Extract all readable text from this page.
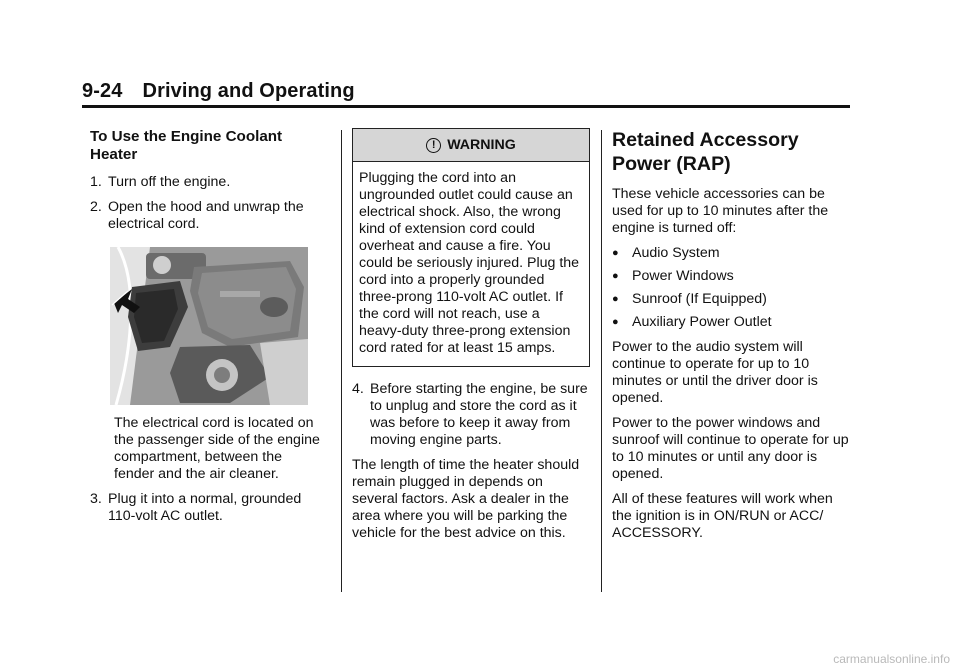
9-24 Driving and Operating
To Use the Engine Coolant Heater
1. Turn off the engine.
2. Open the hood and unwrap the electrical cord.
The electrical cord is located on the passenger side of the engine compartment, between the fender and the air cleaner.
3. Plug it into a normal, grounded 110-volt AC outlet.
! WARNING
Plugging the cord into an ungrounded outlet could cause an electrical shock. Also, the wrong kind of extension cord could overheat and cause a fire. You could be seriously injured. Plug the cord into a properly grounded three-prong 110-volt AC outlet. If the cord will not reach, use a heavy-duty three-prong extension cord rated for at least 15 amps.
4. Before starting the engine, be sure to unplug and store the cord as it was before to keep it away from moving engine parts.

The length of time the heater should remain plugged in depends on several factors. Ask a dealer in the area where you will be parking the vehicle for the best advice on this.

Retained Accessory Power (RAP)

These vehicle accessories can be used for up to 10 minutes after the engine is turned off:

● Audio System
● Power Windows
● Sunroof (If Equipped)
● Auxiliary Power Outlet

Power to the audio system will continue to operate for up to 10 minutes or until the driver door is opened.

Power to the power windows and sunroof will continue to operate for up to 10 minutes or until any door is opened.

All of these features will work when the ignition is in ON/RUN or ACC/ ACCESSORY.

carmanualsonline.info
